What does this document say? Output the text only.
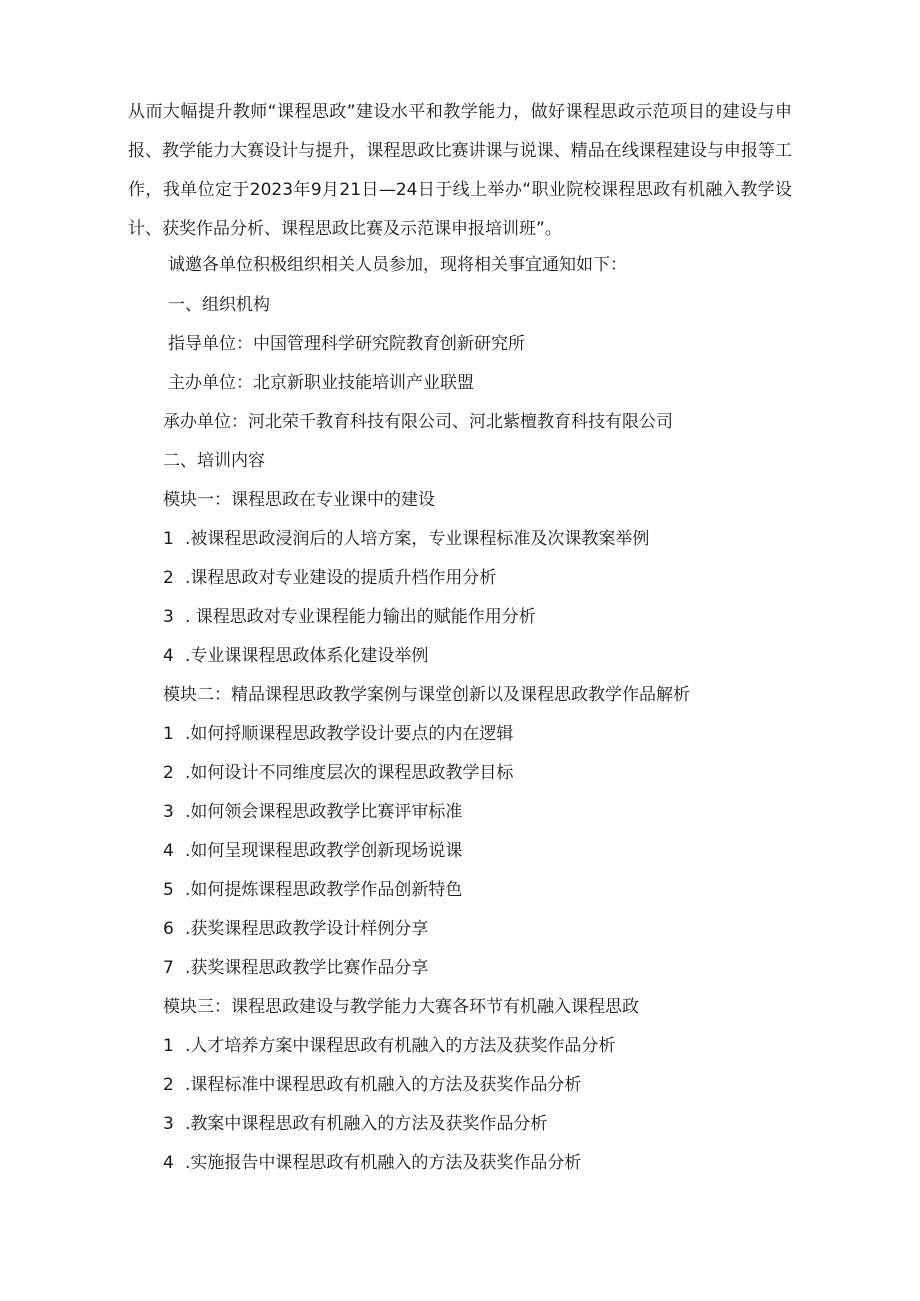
从而大幅提升教师“课程思政”建设水平和教学能力，做好课程思政示范项目的建设与申报、教学能力大赛设计与提升，课程思政比赛讲课与说课、精品在线课程建设与申报等工作，我单位定于2023年9月21日—24日于线上举办“职业院校课程思政有机融入教学设计、获奖作品分析、课程思政比赛及示范课申报培训班”。

诚邀各单位积极组织相关人员参加，现将相关事宜通知如下：

一、组织机构

指导单位：中国管理科学研究院教育创新研究所

主办单位：北京新职业技能培训产业联盟

承办单位：河北荣千教育科技有限公司、河北紫檀教育科技有限公司

二、培训内容

模块一：课程思政在专业课中的建设

1 .被课程思政浸润后的人培方案，专业课程标准及次课教案举例

2 .课程思政对专业建设的提质升档作用分析

3 . 课程思政对专业课程能力输出的赋能作用分析

4 .专业课课程思政体系化建设举例

模块二：精品课程思政教学案例与课堂创新以及课程思政教学作品解析

1 .如何捋顺课程思政教学设计要点的内在逻辑

2 .如何设计不同维度层次的课程思政教学目标

3 .如何领会课程思政教学比赛评审标准

4 .如何呈现课程思政教学创新现场说课

5 .如何提炼课程思政教学作品创新特色

6 .获奖课程思政教学设计样例分享

7 .获奖课程思政教学比赛作品分享

模块三：课程思政建设与教学能力大赛各环节有机融入课程思政

1 .人才培养方案中课程思政有机融入的方法及获奖作品分析

2 .课程标准中课程思政有机融入的方法及获奖作品分析

3 .教案中课程思政有机融入的方法及获奖作品分析

4 .实施报告中课程思政有机融入的方法及获奖作品分析
